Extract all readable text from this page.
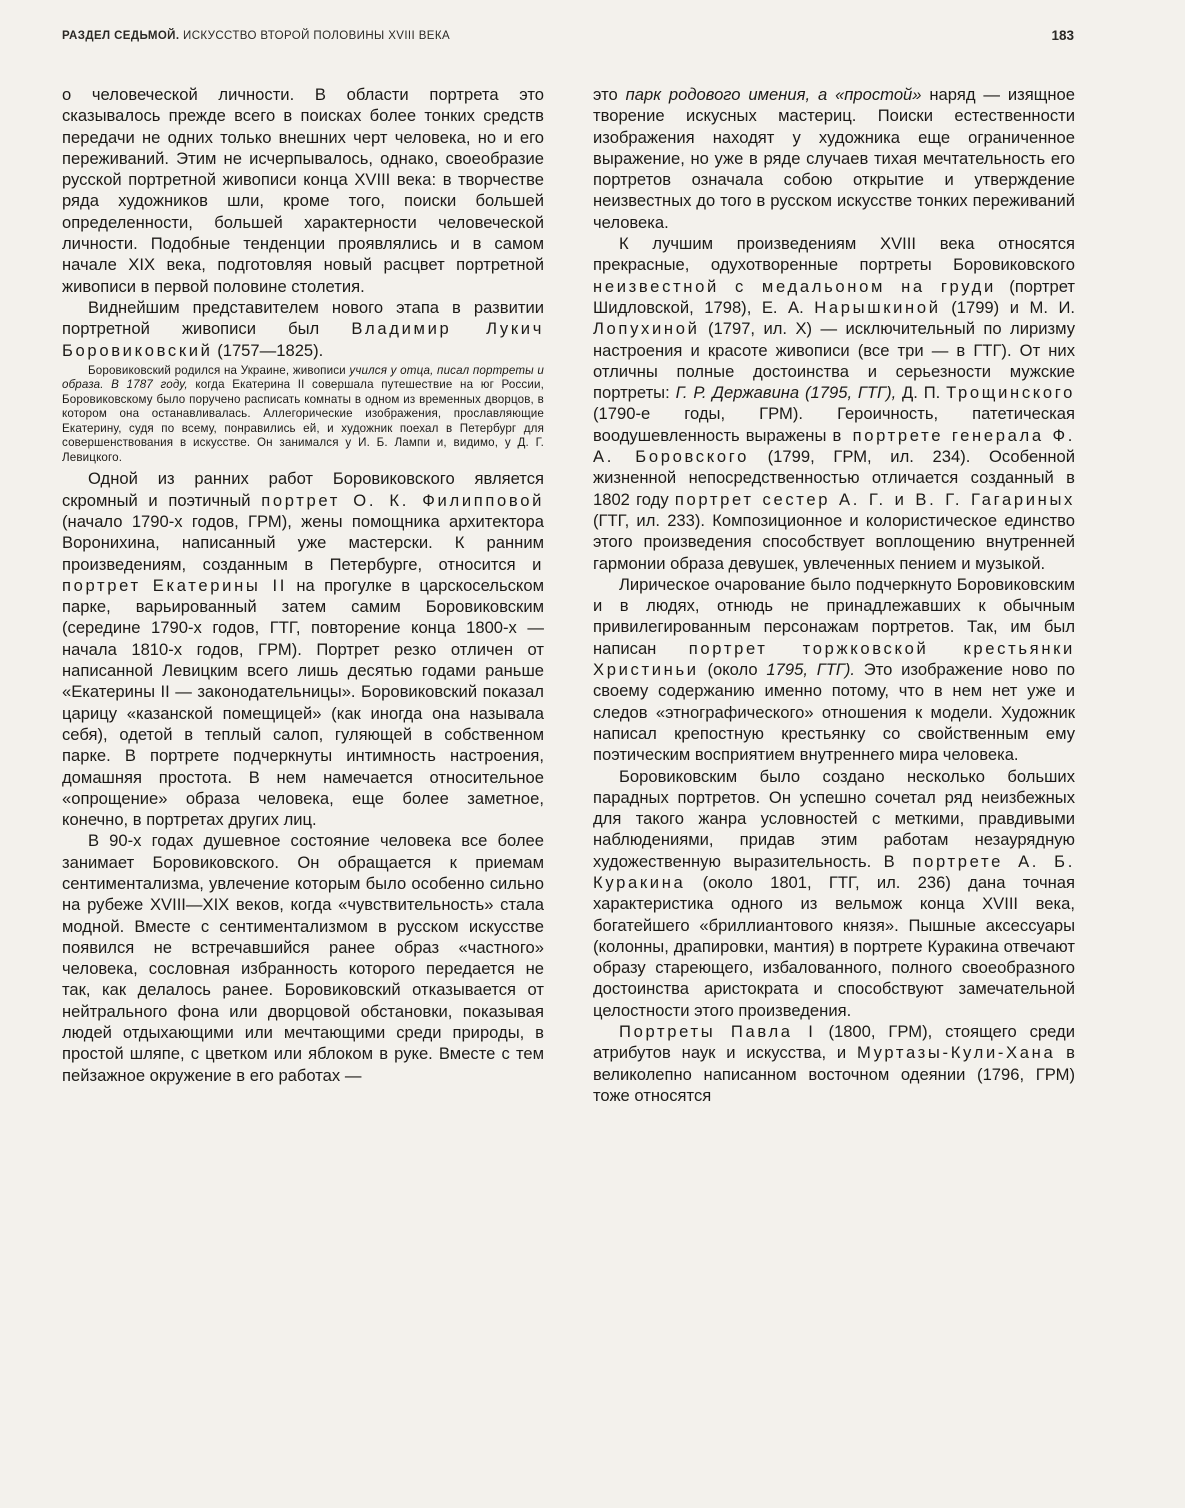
РАЗДЕЛ СЕДЬМОЙ. ИСКУССТВО ВТОРОЙ ПОЛОВИНЫ XVIII ВЕКА	183

о человеческой личности. В области портрета это сказывалось прежде всего в поисках более тонких средств передачи не одних только внешних черт человека, но и его переживаний. Этим не исчерпывалось, однако, своеобразие русской портретной живописи конца XVIII века: в творчестве ряда художников шли, кроме того, поиски большей определенности, большей характерности человеческой личности. Подобные тенденции проявлялись и в самом начале XIX века, подготовляя новый расцвет портретной живописи в первой половине столетия.

Виднейшим представителем нового этапа в развитии портретной живописи был Владимир Лукич Боровиковский (1757—1825).

Боровиковский родился на Украине, живописи учился у отца, писал портреты и образа. В 1787 году, когда Екатерина II совершала путешествие на юг России, Боровиковскому было поручено расписать комнаты в одном из временных дворцов, в котором она останавливалась. Аллегорические изображения, прославляющие Екатерину, судя по всему, понравились ей, и художник поехал в Петербург для совершенствования в искусстве. Он занимался у И. Б. Лампи и, видимо, у Д. Г. Левицкого.

Одной из ранних работ Боровиковского является скромный и поэтичный портрет О. К. Филипповой (начало 1790-х годов, ГРМ), жены помощника архитектора Воронихина, написанный уже мастерски. К ранним произведениям, созданным в Петербурге, относится и портрет Екатерины II на прогулке в царскосельском парке, варьированный затем самим Боровиковским (середине 1790-х годов, ГТГ, повторение конца 1800-х — начала 1810-х годов, ГРМ). Портрет резко отличен от написанной Левицким всего лишь десятью годами раньше «Екатерины II — законодательницы». Боровиковский показал царицу «казанской помещицей» (как иногда она называла себя), одетой в теплый салоп, гуляющей в собственном парке. В портрете подчеркнуты интимность настроения, домашняя простота. В нем намечается относительное «опрощение» образа человека, еще более заметное, конечно, в портретах других лиц.

В 90-х годах душевное состояние человека все более занимает Боровиковского. Он обращается к приемам сентиментализма, увлечение которым было особенно сильно на рубеже XVIII—XIX веков, когда «чувствительность» стала модной. Вместе с сентиментализмом в русском искусстве появился не встречавшийся ранее образ «частного» человека, сословная избранность которого передается не так, как делалось ранее. Боровиковский отказывается от нейтрального фона или дворцовой обстановки, показывая людей отдыхающими или мечтающими среди природы, в простой шляпе, с цветком или яблоком в руке. Вместе с тем пейзажное окружение в его работах —

это парк родового имения, а «простой» наряд — изящное творение искусных мастериц. Поиски естественности изображения находят у художника еще ограниченное выражение, но уже в ряде случаев тихая мечтательность его портретов означала собою открытие и утверждение неизвестных до того в русском искусстве тонких переживаний человека.

К лучшим произведениям XVIII века относятся прекрасные, одухотворенные портреты Боровиковского неизвестной с медальоном на груди (портрет Шидловской, 1798), Е. А. Нарышкиной (1799) и М. И. Лопухиной (1797, ил. X) — исключительный по лиризму настроения и красоте живописи (все три — в ГТГ). От них отличны полные достоинства и серьезности мужские портреты: Г. Р. Державина (1795, ГТГ), Д. П. Трощинского (1790-е годы, ГРМ). Героичность, патетическая воодушевленность выражены в портрете генерала Ф. А. Боровского (1799, ГРМ, ил. 234). Особенной жизненной непосредственностью отличается созданный в 1802 году портрет сестер А. Г. и В. Г. Гагариных (ГТГ, ил. 233). Композиционное и колористическое единство этого произведения способствует воплощению внутренней гармонии образа девушек, увлеченных пением и музыкой.

Лирическое очарование было подчеркнуто Боровиковским и в людях, отнюдь не принадлежавших к обычным привилегированным персонажам портретов. Так, им был написан портрет торжковской крестьянки Христиньи (около 1795, ГТГ). Это изображение ново по своему содержанию именно потому, что в нем нет уже и следов «этнографического» отношения к модели. Художник написал крепостную крестьянку со свойственным ему поэтическим восприятием внутреннего мира человека.

Боровиковским было создано несколько больших парадных портретов. Он успешно сочетал ряд неизбежных для такого жанра условностей с меткими, правдивыми наблюдениями, придав этим работам незаурядную художественную выразительность. В портрете А. Б. Куракина (около 1801, ГТГ, ил. 236) дана точная характеристика одного из вельмож конца XVIII века, богатейшего «бриллиантового князя». Пышные аксессуары (колонны, драпировки, мантия) в портрете Куракина отвечают образу стареющего, избалованного, полного своеобразного достоинства аристократа и способствуют замечательной целостности этого произведения.

Портреты Павла I (1800, ГРМ), стоящего среди атрибутов наук и искусства, и Муртазы-Кули-Хана в великолепно написанном восточном одеянии (1796, ГРМ) тоже относятся
